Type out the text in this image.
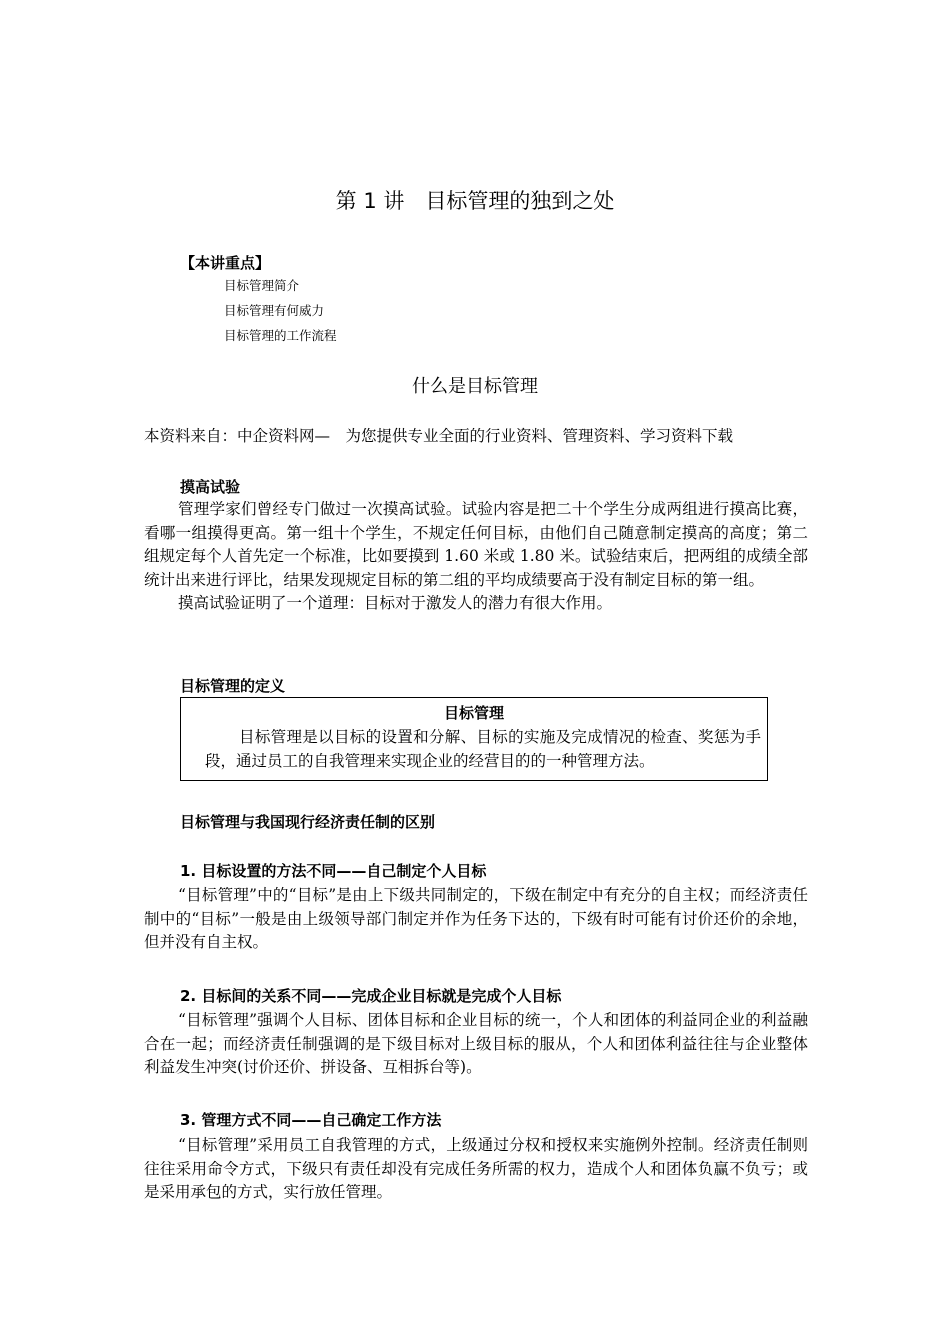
第 1 讲　目标管理的独到之处
【本讲重点】
目标管理简介
目标管理有何威力
目标管理的工作流程
什么是目标管理
本资料来自：中企资料网—　为您提供专业全面的行业资料、管理资料、学习资料下载
摸高试验

管理学家们曾经专门做过一次摸高试验。试验内容是把二十个学生分成两组进行摸高比赛，看哪一组摸得更高。第一组十个学生，不规定任何目标，由他们自己随意制定摸高的高度；第二组规定每个人首先定一个标准，比如要摸到 1.60 米或 1.80 米。试验结束后，把两组的成绩全部统计出来进行评比，结果发现规定目标的第二组的平均成绩要高于没有制定目标的第一组。

摸高试验证明了一个道理：目标对于激发人的潜力有很大作用。

目标管理的定义
目标管理
目标管理是以目标的设置和分解、目标的实施及完成情况的检查、奖惩为手段，通过员工的自我管理来实现企业的经营目的的一种管理方法。
目标管理与我国现行经济责任制的区别
1. 目标设置的方法不同——自己制定个人目标

“目标管理”中的“目标”是由上下级共同制定的，下级在制定中有充分的自主权；而经济责任制中的“目标”一般是由上级领导部门制定并作为任务下达的，下级有时可能有讨价还价的余地，但并没有自主权。

2. 目标间的关系不同——完成企业目标就是完成个人目标

“目标管理”强调个人目标、团体目标和企业目标的统一，个人和团体的利益同企业的利益融合在一起；而经济责任制强调的是下级目标对上级目标的服从，个人和团体利益往往与企业整体利益发生冲突(讨价还价、拼设备、互相拆台等)。

3. 管理方式不同——自己确定工作方法

“目标管理”采用员工自我管理的方式，上级通过分权和授权来实施例外控制。经济责任制则往往采用命令方式，下级只有责任却没有完成任务所需的权力，造成个人和团体负赢不负亏；或是采用承包的方式，实行放任管理。
